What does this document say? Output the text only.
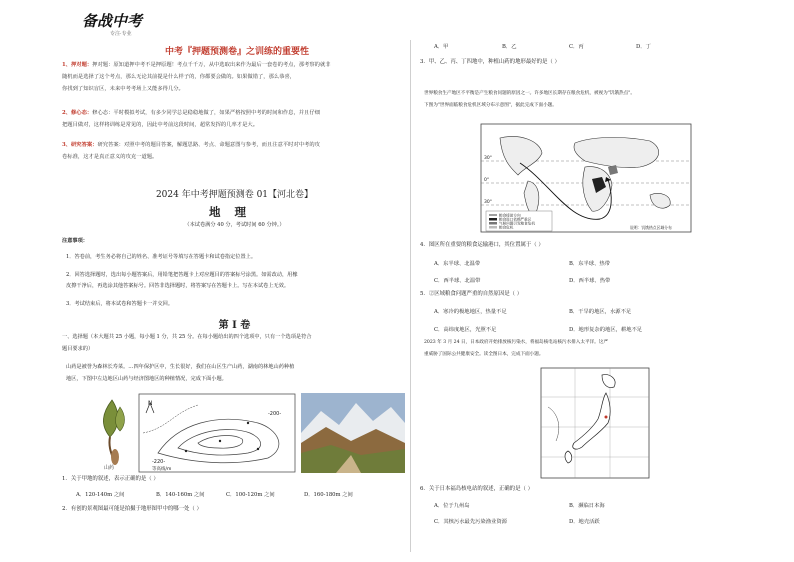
备战中考
专注·专业
中考『押题预测卷』之训练的重要性
1、押对题：押对题：原知道押中考不是押原题！考点千千万，从中选取出来作为最后一套卷的考点，那考察的就非
随机而是选择了这个考点，那么无论其前提是什么样子的，你都要会做的。如果做错了，那么恭喜，
你找到了知识盲区，未来中考考场上又能多得几分。
2、修心态：修心态：平时模拟考试，有多少同学总是稳稳地做了，如果严格按照中考的时间和作息，并且仔细
把题目做对，这样将训练是常见的，因此中考前这段时间，超常发挥的几率才是大。
3、研究答案：研究答案：对照中考的题目答案，解题思路、考点、命题意图与参考，而且注意平时对中考的攻
卷标准，这才是真正意义的攻克一道题。
2024 年中考押题预测卷 01【河北卷】
地理
（本试卷满分 40 分，考试时间 60 分钟。）
注意事项：
1．答卷前，考生务必将自己的姓名、准考证号等填写在答题卡和试卷指定位置上。
2．回答选择题时，选出每小题答案后，用铅笔把答题卡上对应题目的答案标号涂黑。如需改动，用橡
皮擦干净后，再选涂其他答案标号。回答非选择题时，将答案写在答题卡上。写在本试卷上无效。
3．考试结束后，将本试卷和答题卡一并交回。
第 I 卷
一、选择题（本大题共 25 小题，每小题 1 分，共 25 分。在每小题给出的四个选项中，只有一个选项是符合
题目要求的）
山药是被誉为森林长寿菜。…四年保护区中，生长很好，我们在山区生产山药，湖南的林地山药种植
地区，下图中左边地区山药与经济图地区的种植情况，完成下面小题。
山药
N
-220-
-200-
等高线/m
1．关于甲地的叙述，表示正确的是（ ）
A．120-140m 之间	B．140-160m 之间	C．100-120m 之间	D．160-180m 之间
2．有创的景观图最可能是拍摄于地形图甲中的哪一处（ ）
A．甲	B．乙	C．丙	D．丁
3．甲、乙、丙、丁四地中，种植山药的地形最好的是（ ）
世界粮食生产地区不平衡是产生粮食问题的原因之一。许多地区长期存在粮食危机，被视为"饥饿热点"。
下图为"世界面临粮食危机区域分布示意图"，据此完成下面小题。
30°
0°
30°
粮食援助方向
粮食进口依赖严重区
气候问题引发粮食危机
粮食危机	说明：饥饿热点区域分布
4．图区所在重要的粮食运输港口，其位置属于（ ）
A．东半球、北温带	B．东半球、热带
C．西半球、北温带	D．西半球、热带
5．②区域粮食问题严重的自然原因是（ ）
A．寒冷的极地地区，热量不足	B．干旱的地区，水源不足
C．高纬度地区，光照不足	D．地形复杂的地区，耕地不足
2023 年 3 月 24 日，日本政府开始排放核污染水，将福岛核电站核污水排入太平洋。这严
重威胁了国际公共健康安全。读全图日本，完成下面小题。
6．关于日本福岛核电站的叙述，正确的是（ ）
A．位于九州岛	B．濒临日本海
C．其核污水最先污染渔业资源	D．地壳活跃
